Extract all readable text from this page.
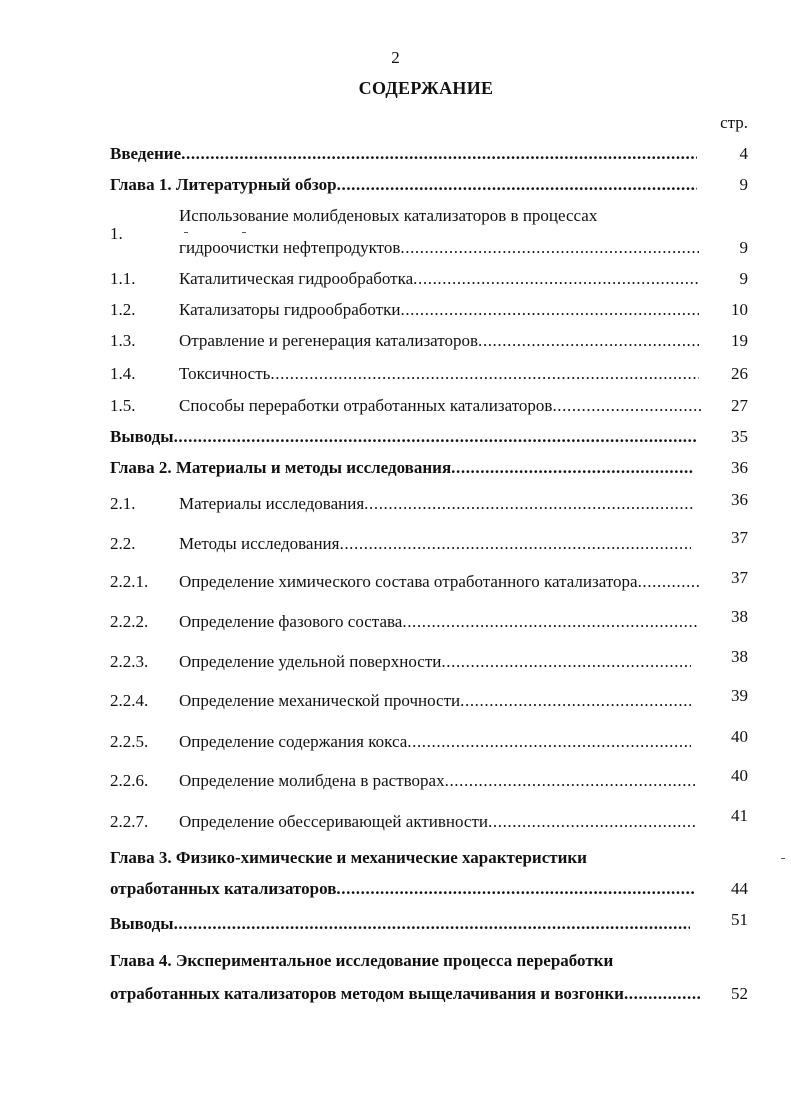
2
СОДЕРЖАНИЕ
стр.
Введение .....	4
Глава 1. Литературный обзор .....	9
1.
Использование молибденовых катализаторов в процессах
гидроочистки нефтепродуктов .....	9
1.1.	Каталитическая гидрообработка .....	9
1.2.	Катализаторы гидрообработки .....	10
1.3.	Отравление и регенерация катализаторов .....	19
1.4.	Токсичность .....	26
1.5.	Способы переработки отработанных катализаторов .....	27
Выводы .....	35
Глава 2. Материалы и методы исследования .....	36
2.1.	Материалы исследования .....	36
2.2.	Методы исследования .....	37
2.2.1. Определение химического состава отработанного катализатора .....	37
2.2.2. Определение фазового состава .....	38
2.2.3. Определение удельной поверхности .....	38
2.2.4. Определение механической прочности .....	39
2.2.5. Определение содержания кокса .....	40
2.2.6. Определение молибдена в растворах .....	40
2.2.7. Определение обессеривающей активности .....	41
Глава 3. Физико-химические и механические характеристики
отработанных катализаторов .....	44
Выводы .....	51
Глава 4. Экспериментальное исследование процесса переработки
отработанных катализаторов методом выщелачивания и возгонки .....	52
